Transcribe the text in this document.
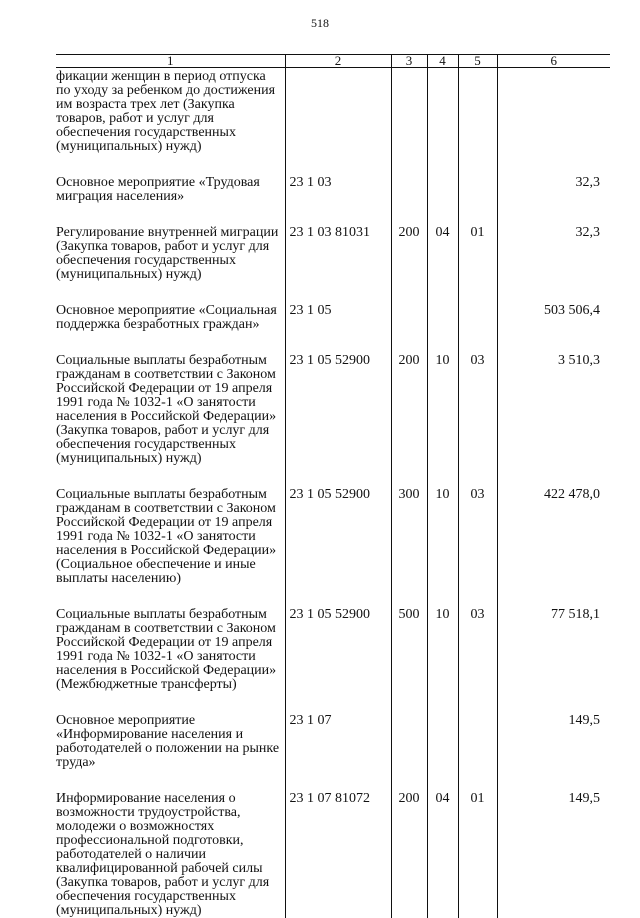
518
1	2	3	4	5	6
фикации женщин в период отпуска по уходу за ребенком до достижения им возраста трех лет (Закупка товаров, работ и услуг для обеспечения государственных (муниципальных) нужд)					
Основное мероприятие «Трудовая миграция населения»	23 1 03				32,3
Регулирование внутренней миграции (Закупка товаров, работ и услуг для обеспечения государственных (муниципальных) нужд)	23 1 03 81031	200	04	01	32,3
Основное мероприятие «Социальная поддержка безработных граждан»	23 1 05				503 506,4
Социальные выплаты безработным гражданам в соответствии с Законом Российской Федерации от 19 апреля 1991 года № 1032-1 «О занятости населения в Российской Федерации» (Закупка товаров, работ и услуг для обеспечения государственных (муниципальных) нужд)	23 1 05 52900	200	10	03	3 510,3
Социальные выплаты безработным гражданам в соответствии с Законом Российской Федерации от 19 апреля 1991 года № 1032-1 «О занятости населения в Российской Федерации» (Социальное обеспечение и иные выплаты населению)	23 1 05 52900	300	10	03	422 478,0
Социальные выплаты безработным гражданам в соответствии с Законом Российской Федерации от 19 апреля 1991 года № 1032-1 «О занятости населения в Российской Федерации» (Межбюджетные трансферты)	23 1 05 52900	500	10	03	77 518,1
Основное мероприятие «Информирование населения и работодателей о положении на рынке труда»	23 1 07				149,5
Информирование населения о возможности трудоустройства, молодежи о возможностях профессиональной подготовки, работодателей о наличии квалифицированной рабочей силы (Закупка товаров, работ и услуг для обеспечения государственных (муниципальных) нужд)	23 1 07 81072	200	04	01	149,5
